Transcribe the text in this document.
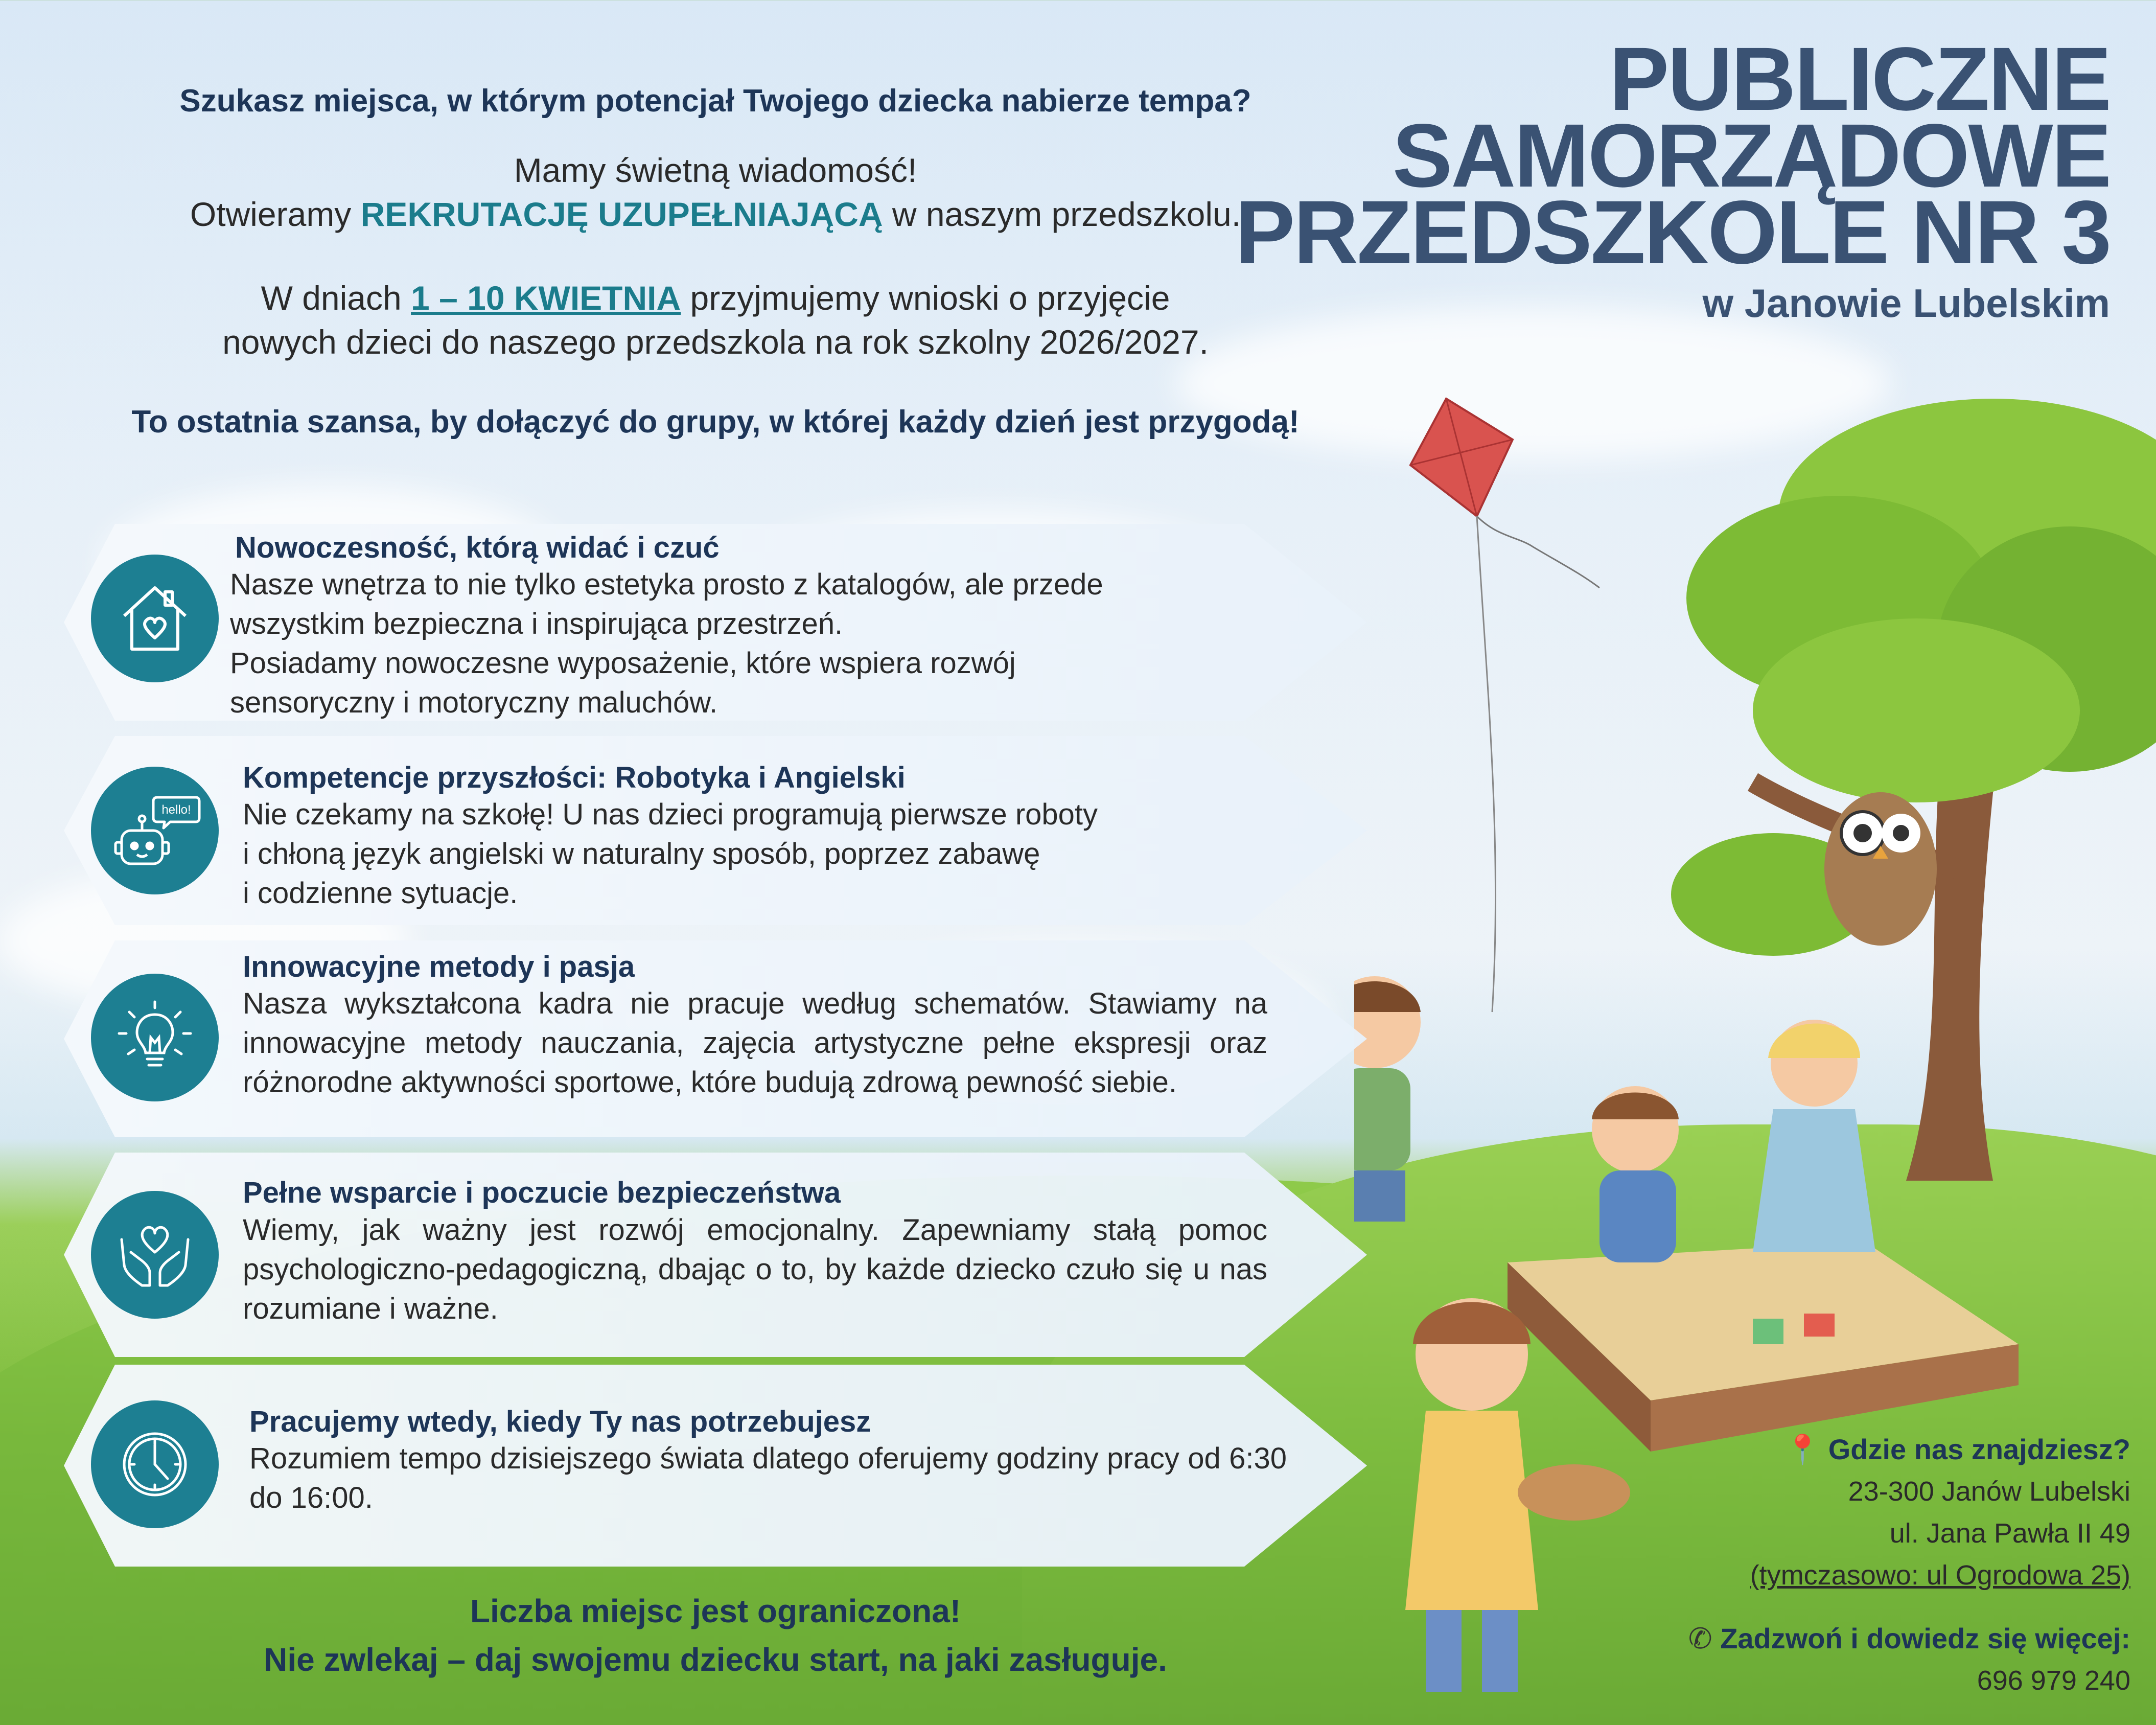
Szukasz miejsca, w którym potencjał Twojego dziecka nabierze tempa?
Mamy świetną wiadomość!
Otwieramy REKRUTACJĘ UZUPEŁNIAJĄCĄ w naszym przedszkolu.
W dniach 1 – 10 KWIETNIA przyjmujemy wnioski o przyjęcie
nowych dzieci do naszego przedszkola na rok szkolny 2026/2027.
To ostatnia szansa, by dołączyć do grupy, w której każdy dzień jest przygodą!
PUBLICZNE
SAMORZĄDOWE
PRZEDSZKOLE NR 3
w Janowie Lubelskim
Nowoczesność, którą widać i czuć
Nasze wnętrza to nie tylko estetyka prosto z katalogów, ale przede
wszystkim bezpieczna i inspirująca przestrzeń.
Posiadamy nowoczesne wyposażenie, które wspiera rozwój
sensoryczny i motoryczny maluchów.
hello!
Kompetencje przyszłości: Robotyka i Angielski
Nie czekamy na szkołę! U nas dzieci programują pierwsze roboty
i chłoną język angielski w naturalny sposób, poprzez zabawę
i codzienne sytuacje.
Innowacyjne metody i pasja
Nasza wykształcona kadra nie pracuje według schematów. Stawiamy na innowacyjne metody nauczania, zajęcia artystyczne pełne ekspresji oraz różnorodne aktywności sportowe, które budują zdrową pewność siebie.
Pełne wsparcie i poczucie bezpieczeństwa
Wiemy, jak ważny jest rozwój emocjonalny. Zapewniamy stałą pomoc psychologiczno-pedagogiczną, dbając o to, by każde dziecko czuło się u nas rozumiane i ważne.
Pracujemy wtedy, kiedy Ty nas potrzebujesz
Rozumiem tempo dzisiejszego świata dlatego oferujemy godziny pracy od 6:30 do 16:00.
Liczba miejsc jest ograniczona!
Nie zwlekaj – daj swojemu dziecku start, na jaki zasługuje.
📍 Gdzie nas znajdziesz?
23-300 Janów Lubelski
ul. Jana Pawła II 49
(tymczasowo: ul Ogrodowa 25)
✆ Zadzwoń i dowiedz się więcej:
696 979 240
